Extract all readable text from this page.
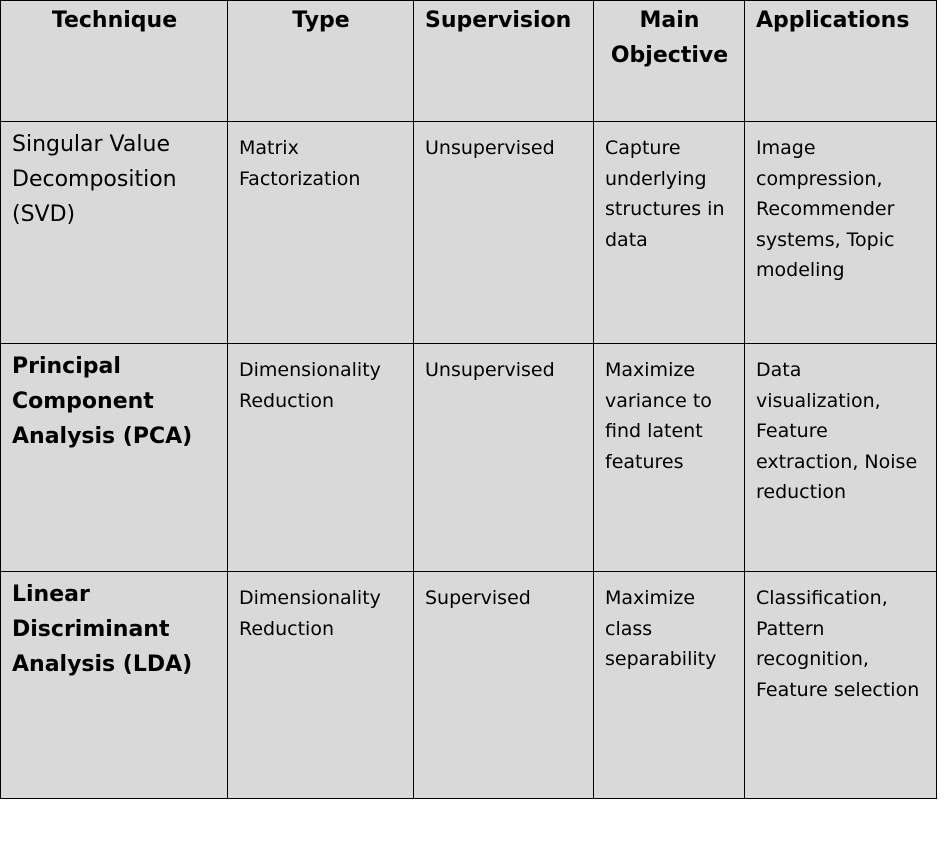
Technique	Type	Supervision	Main Objective	Applications
Singular Value Decomposition (SVD)	Matrix Factorization	Unsupervised	Capture underlying structures in data	Image compression, Recommender systems, Topic modeling
Principal Component Analysis (PCA)	Dimensionality Reduction	Unsupervised	Maximize variance to find latent features	Data visualization, Feature extraction, Noise reduction
Linear Discriminant Analysis (LDA)	Dimensionality Reduction	Supervised	Maximize class separability	Classification, Pattern recognition, Feature selection
